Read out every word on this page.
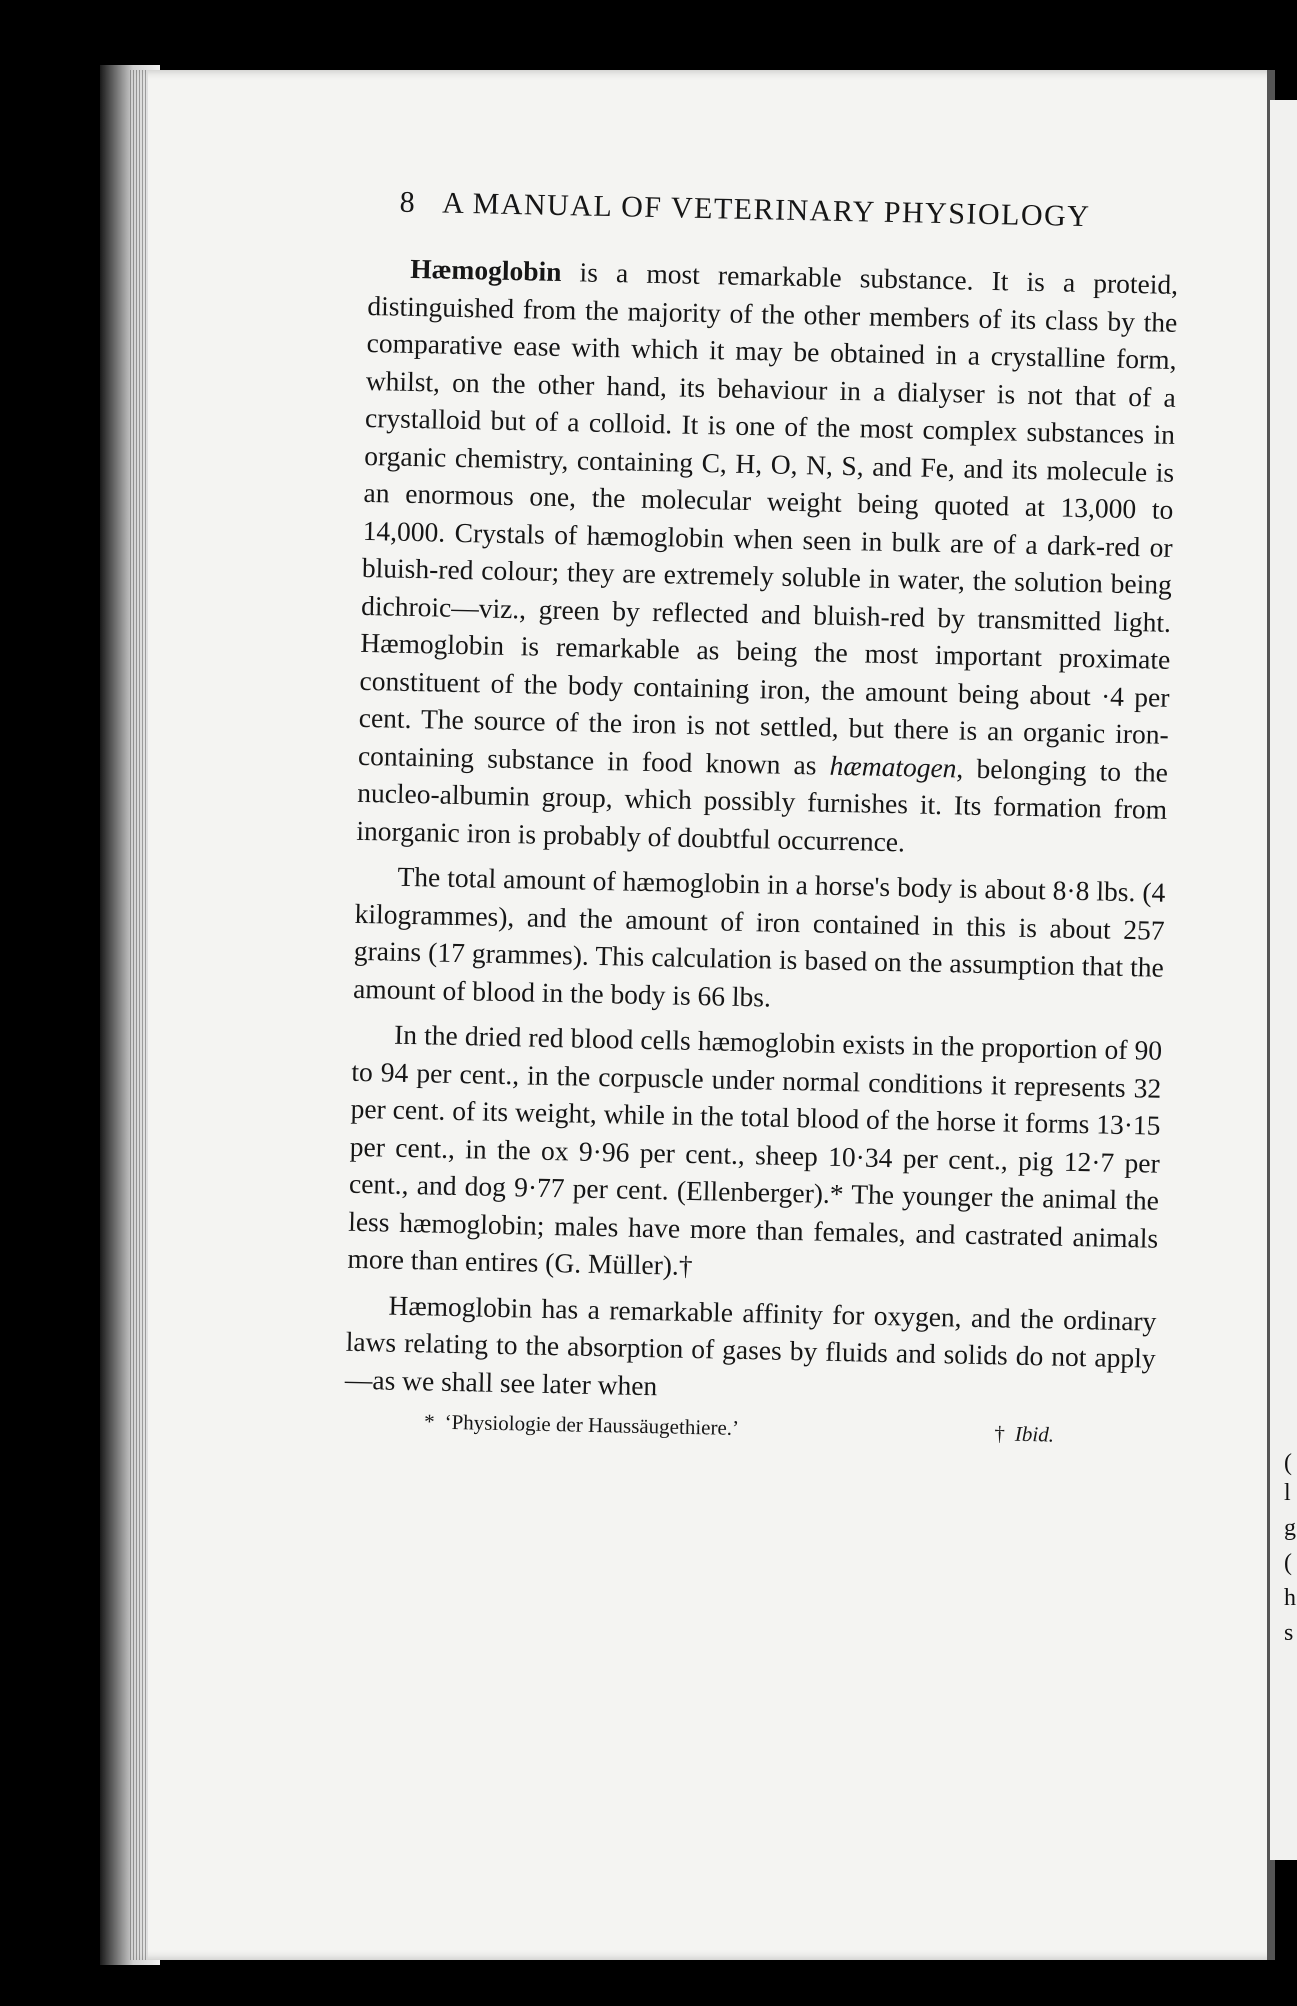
(
l
g
(
h
s
8 A MANUAL OF VETERINARY PHYSIOLOGY

Hæmoglobin is a most remarkable substance. It is a proteid, distinguished from the majority of the other members of its class by the comparative ease with which it may be obtained in a crystalline form, whilst, on the other hand, its behaviour in a dialyser is not that of a crystalloid but of a colloid. It is one of the most complex substances in organic chemistry, containing C, H, O, N, S, and Fe, and its molecule is an enormous one, the molecular weight being quoted at 13,000 to 14,000. Crystals of hæmoglobin when seen in bulk are of a dark-red or bluish-red colour; they are extremely soluble in water, the solution being dichroic—viz., green by reflected and bluish-red by transmitted light. Hæmoglobin is remarkable as being the most important proximate constituent of the body containing iron, the amount being about ·4 per cent. The source of the iron is not settled, but there is an organic iron-containing substance in food known as hæmatogen, belonging to the nucleo-albumin group, which possibly furnishes it. Its formation from inorganic iron is probably of doubtful occurrence.

The total amount of hæmoglobin in a horse's body is about 8·8 lbs. (4 kilogrammes), and the amount of iron contained in this is about 257 grains (17 grammes). This calculation is based on the assumption that the amount of blood in the body is 66 lbs.

In the dried red blood cells hæmoglobin exists in the proportion of 90 to 94 per cent., in the corpuscle under normal conditions it represents 32 per cent. of its weight, while in the total blood of the horse it forms 13·15 per cent., in the ox 9·96 per cent., sheep 10·34 per cent., pig 12·7 per cent., and dog 9·77 per cent. (Ellenberger).* The younger the animal the less hæmoglobin; males have more than females, and castrated animals more than entires (G. Müller).†

Hæmoglobin has a remarkable affinity for oxygen, and the ordinary laws relating to the absorption of gases by fluids and solids do not apply—as we shall see later when

* ‘Physiologie der Haussäugethiere.’	† Ibid.
